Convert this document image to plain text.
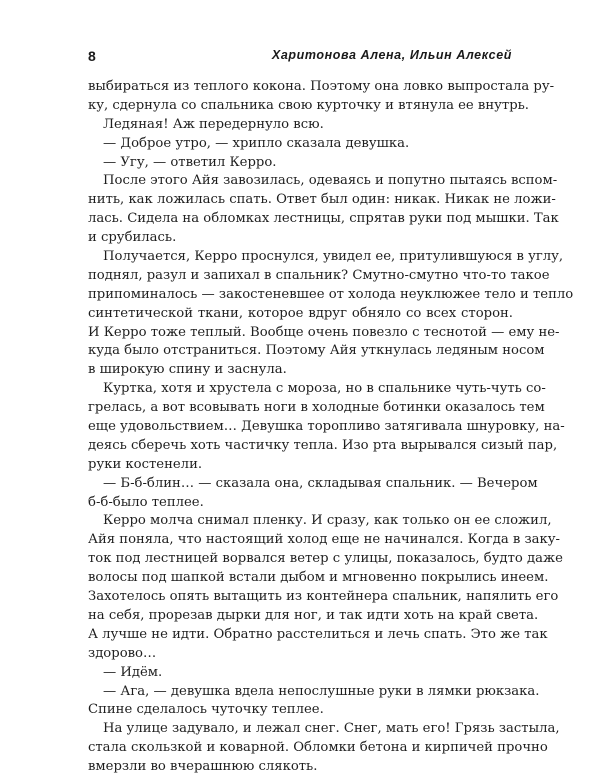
8	Харитонова Алена, Ильин Алексей
выбираться из теплого кокона. Поэтому она ловко выпростала ру-
ку, сдернула со спальника свою курточку и втянула ее внутрь.
Ледяная! Аж передернуло всю.
— Доброе утро, — хрипло сказала девушка.
— Угу, — ответил Керро.
После этого Айя завозилась, одеваясь и попутно пытаясь вспом-
нить, как ложилась спать. Ответ был один: никак. Никак не ложи-
лась. Сидела на обломках лестницы, спрятав руки под мышки. Так
и срубилась.
Получается, Керро проснулся, увидел ее, притулившуюся в углу,
поднял, разул и запихал в спальник? Смутно-смутно что-то такое
припоминалось — закостеневшее от холода неуклюжее тело и тепло
синтетической ткани, которое вдруг обняло со всех сторон.
И Керро тоже теплый. Вообще очень повезло с теснотой — ему не-
куда было отстраниться. Поэтому Айя уткнулась ледяным носом
в широкую спину и заснула.
Куртка, хотя и хрустела с мороза, но в спальнике чуть-чуть со-
грелась, а вот всовывать ноги в холодные ботинки оказалось тем
еще удовольствием… Девушка торопливо затягивала шнуровку, на-
деясь сберечь хоть частичку тепла. Изо рта вырывался сизый пар,
руки костенели.
— Б-б-блин… — сказала она, складывая спальник. — Вечером
б-б-было теплее.
Керро молча снимал пленку. И сразу, как только он ее сложил,
Айя поняла, что настоящий холод еще не начинался. Когда в заку-
ток под лестницей ворвался ветер с улицы, показалось, будто даже
волосы под шапкой встали дыбом и мгновенно покрылись инеем.
Захотелось опять вытащить из контейнера спальник, напялить его
на себя, прорезав дырки для ног, и так идти хоть на край света.
А лучше не идти. Обратно расстелиться и лечь спать. Это же так
здорово…
— Идём.
— Ага, — девушка вдела непослушные руки в лямки рюкзака.
Спине сделалось чуточку теплее.
На улице задувало, и лежал снег. Снег, мать его! Грязь застыла,
стала скользкой и коварной. Обломки бетона и кирпичей прочно
вмерзли во вчерашнюю слякоть.
